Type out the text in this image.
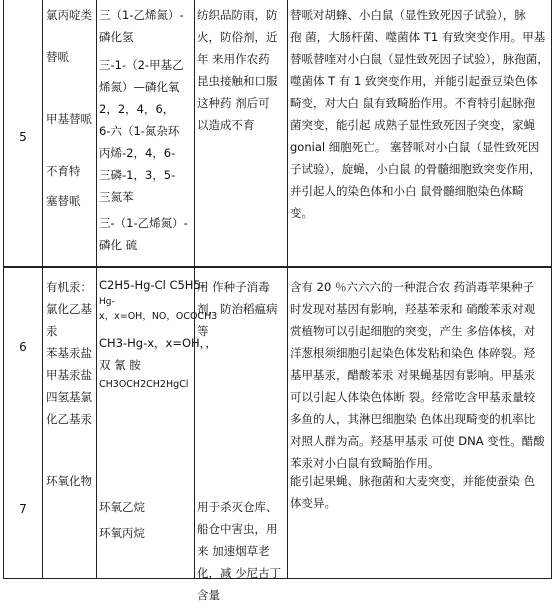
5
氯丙啶类
替哌
甲基替哌
不育特
塞替哌
三（1-乙烯氮）-
磷化氢
三-1-（2-甲基乙
烯氮）—磷化氧
2，2，4，6，
6-六（1-氮杂环
丙烯-2，4，6-
三磷-1，3，5-
三氮苯
三-（1-乙烯氮）-
磷化 硫
纺织品防雨，防
火，防俗剂，近
年 来用作农药
昆虫接触和口服
这种药 剂后可
以造成不育
替哌对胡蜂、小白鼠（显性致死因子试验），脉
孢 菌，大肠杆菌、噬菌体 T1 有致突变作用。甲基
替哌替喹对小白鼠（显性致死因子试验），脉孢菌，
噬菌体 T 有 1 致突变作用，并能引起蚕豆染色体
畸变，对大白 鼠有致畸胎作用。不育特引起脉孢
菌突变，能引起 成熟子显性致死因子突变，家蝇
gonial 细胞死亡。 塞替哌对小白鼠（显性致死因
子试验），旋蝇，小白鼠 的骨髓细胞致突变作用，
并引起人的染色体和小白 鼠骨髓细胞染色体畸
变。
6
有机汞：
氯化乙基
汞
苯基汞盐
甲基汞盐
四氢基氯
化乙基汞
C2H5-Hg-Cl C5H5-
Hg-
x，x=OH，NO，OCOCH3
CH3-Hg-x，x=OH，，
双 氰 胺
CH3OCH2CH2HgCl
用 作种子消毒
剂，防治稻瘟病
等
含有 20 ％六六六的一种混合农 药消毒苹果种子
时发现对基因有影响，羟基苯汞和 硝酸苯汞对观
赏植物可以引起细胞的突变，产生 多倍体核，对
洋葱根须细胞引起染色体发粘和染色 体碎裂。羟
基甲基汞，醋酸苯汞 对果蝇基因有影响。甲基汞
可以引起人体染色体断 裂。经常吃含甲基汞量较
多鱼的人，其淋巴细胞染 色体出现畸变的机率比
对照人群为高。羟基甲基汞 可使 DNA 变性。醋酸
苯汞对小白鼠有致畸胎作用。
7
环氧化物
环氧乙烷
环氧丙烷
用于杀灭仓库、
船仓中害虫，用
来 加速烟草老
化，减 少尼古丁
含量
能引起果蝇、脉孢菌和大麦突变，并能使蚕染 色
体变异。
